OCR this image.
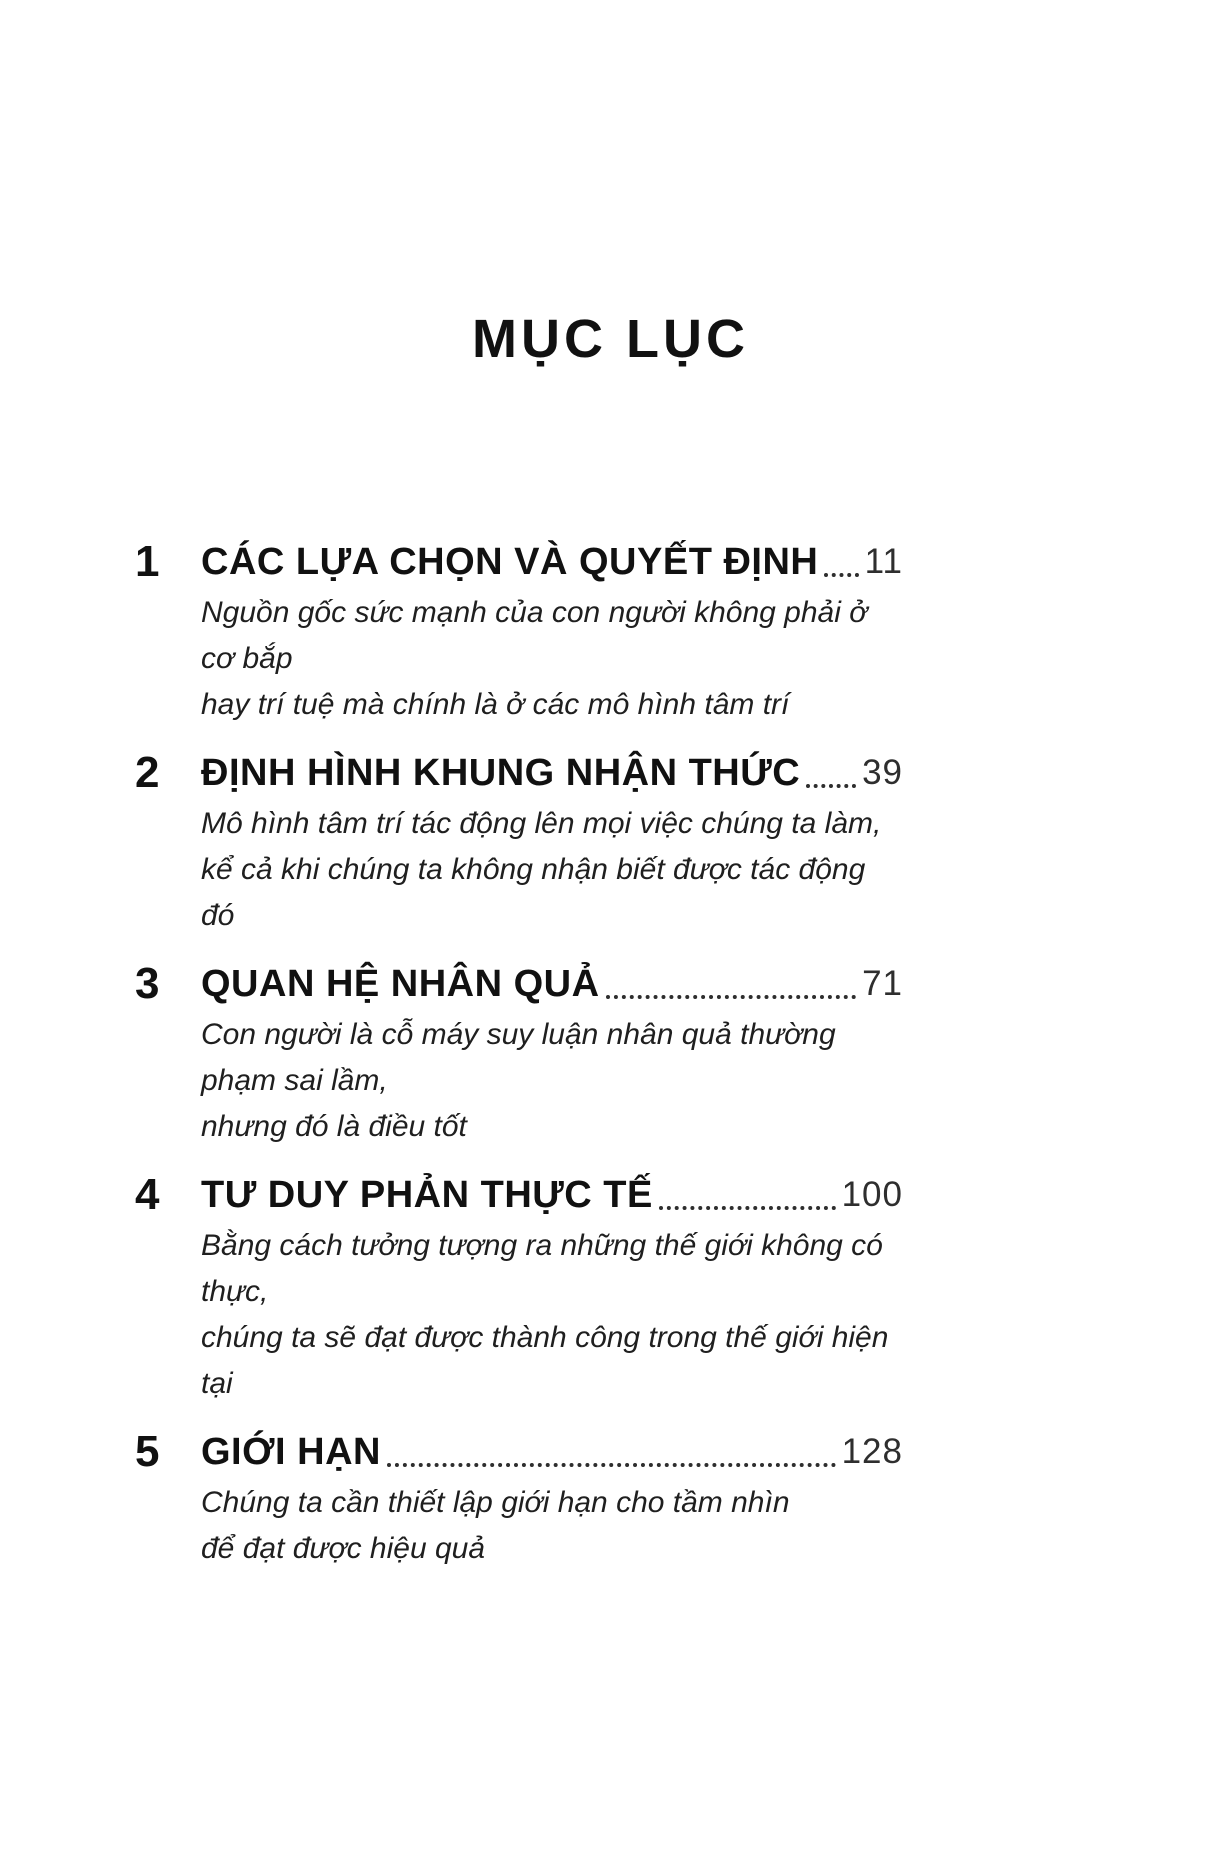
MỤC LỤC
1	CÁC LỰA CHỌN VÀ QUYẾT ĐỊNH 11
Nguồn gốc sức mạnh của con người không phải ở cơ bắp
hay trí tuệ mà chính là ở các mô hình tâm trí
2	ĐỊNH HÌNH KHUNG NHẬN THỨC 39
Mô hình tâm trí tác động lên mọi việc chúng ta làm,
kể cả khi chúng ta không nhận biết được tác động đó
3	QUAN HỆ NHÂN QUẢ	71
Con người là cỗ máy suy luận nhân quả thường phạm sai lầm,
nhưng đó là điều tốt
4	TƯ DUY PHẢN THỰC TẾ	100
Bằng cách tưởng tượng ra những thế giới không có thực,
chúng ta sẽ đạt được thành công trong thế giới hiện tại
5	GIỚI HẠN	128
Chúng ta cần thiết lập giới hạn cho tầm nhìn
để đạt được hiệu quả
